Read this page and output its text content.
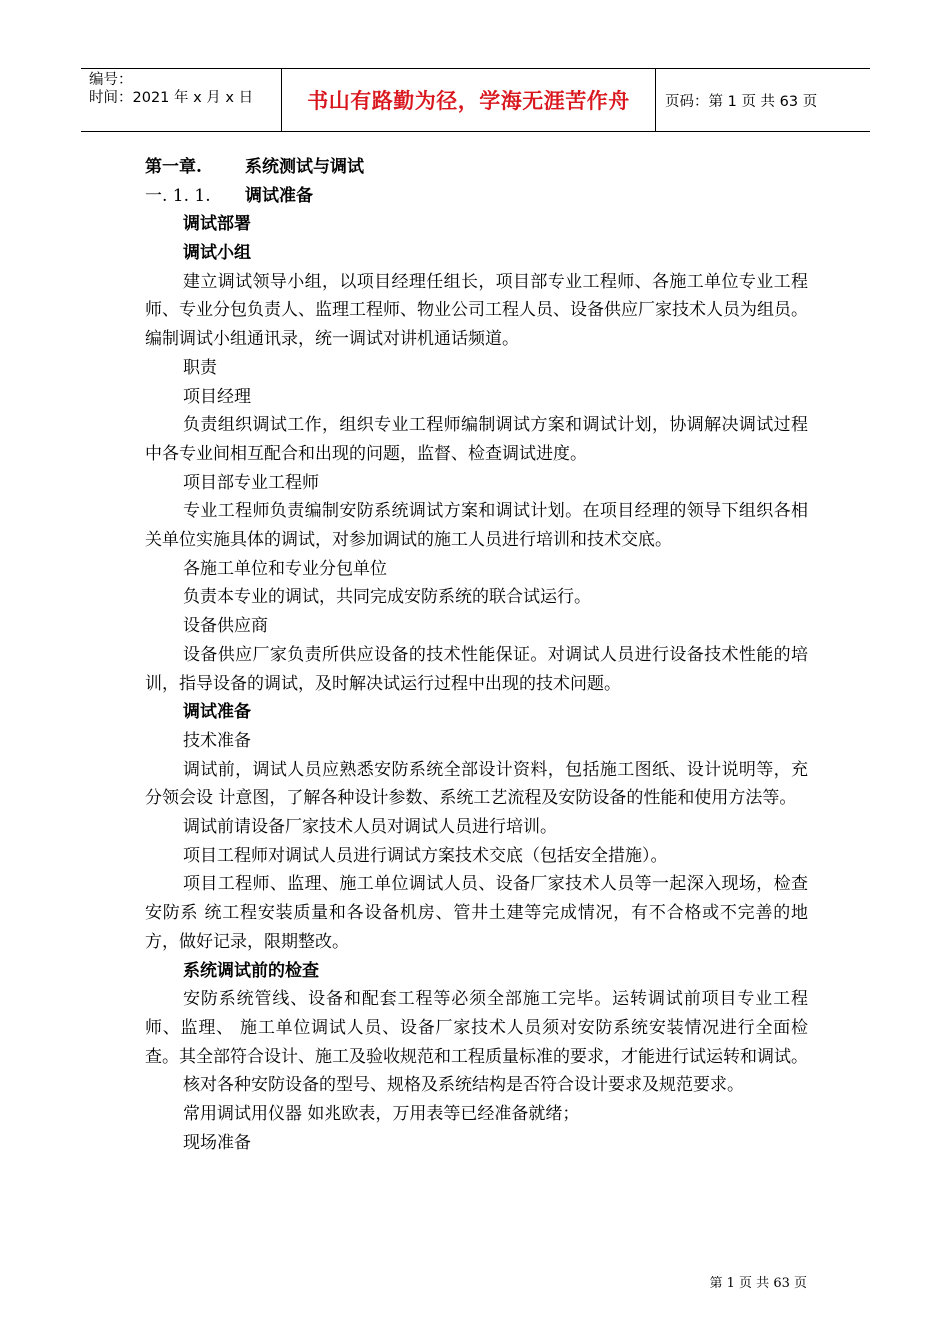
编号：
时间：2021 年 x 月 x 日	书山有路勤为径，学海无涯苦作舟	页码：第 1 页 共 63 页
第一章.	系统测试与调试
一. 1. 1.	调试准备
调试部署
调试小组

建立调试领导小组，以项目经理任组长，项目部专业工程师、各施工单位专业工程师、专业分包负责人、监理工程师、物业公司工程人员、设备供应厂家技术人员为组员。编制调试小组通讯录，统一调试对讲机通话频道。

职责
项目经理

负责组织调试工作，组织专业工程师编制调试方案和调试计划，协调解决调试过程中各专业间相互配合和出现的问题，监督、检查调试进度。

项目部专业工程师

专业工程师负责编制安防系统调试方案和调试计划。在项目经理的领导下组织各相关单位实施具体的调试，对参加调试的施工人员进行培训和技术交底。

各施工单位和专业分包单位

负责本专业的调试，共同完成安防系统的联合试运行。

设备供应商

设备供应厂家负责所供应设备的技术性能保证。对调试人员进行设备技术性能的培训，指导设备的调试，及时解决试运行过程中出现的技术问题。

调试准备
技术准备

调试前，调试人员应熟悉安防系统全部设计资料，包括施工图纸、设计说明等，充分领会设 计意图，了解各种设计参数、系统工艺流程及安防设备的性能和使用方法等。

调试前请设备厂家技术人员对调试人员进行培训。

项目工程师对调试人员进行调试方案技术交底（包括安全措施）。

项目工程师、监理、施工单位调试人员、设备厂家技术人员等一起深入现场，检查安防系 统工程安装质量和各设备机房、管井土建等完成情况，有不合格或不完善的地方，做好记录，限期整改。

系统调试前的检查

安防系统管线、设备和配套工程等必须全部施工完毕。运转调试前项目专业工程师、监理、 施工单位调试人员、设备厂家技术人员须对安防系统安装情况进行全面检查。其全部符合设计、施工及验收规范和工程质量标准的要求，才能进行试运转和调试。

核对各种安防设备的型号、规格及系统结构是否符合设计要求及规范要求。

常用调试用仪器 如兆欧表，万用表等已经准备就绪；

现场准备
第 1 页 共 63 页
